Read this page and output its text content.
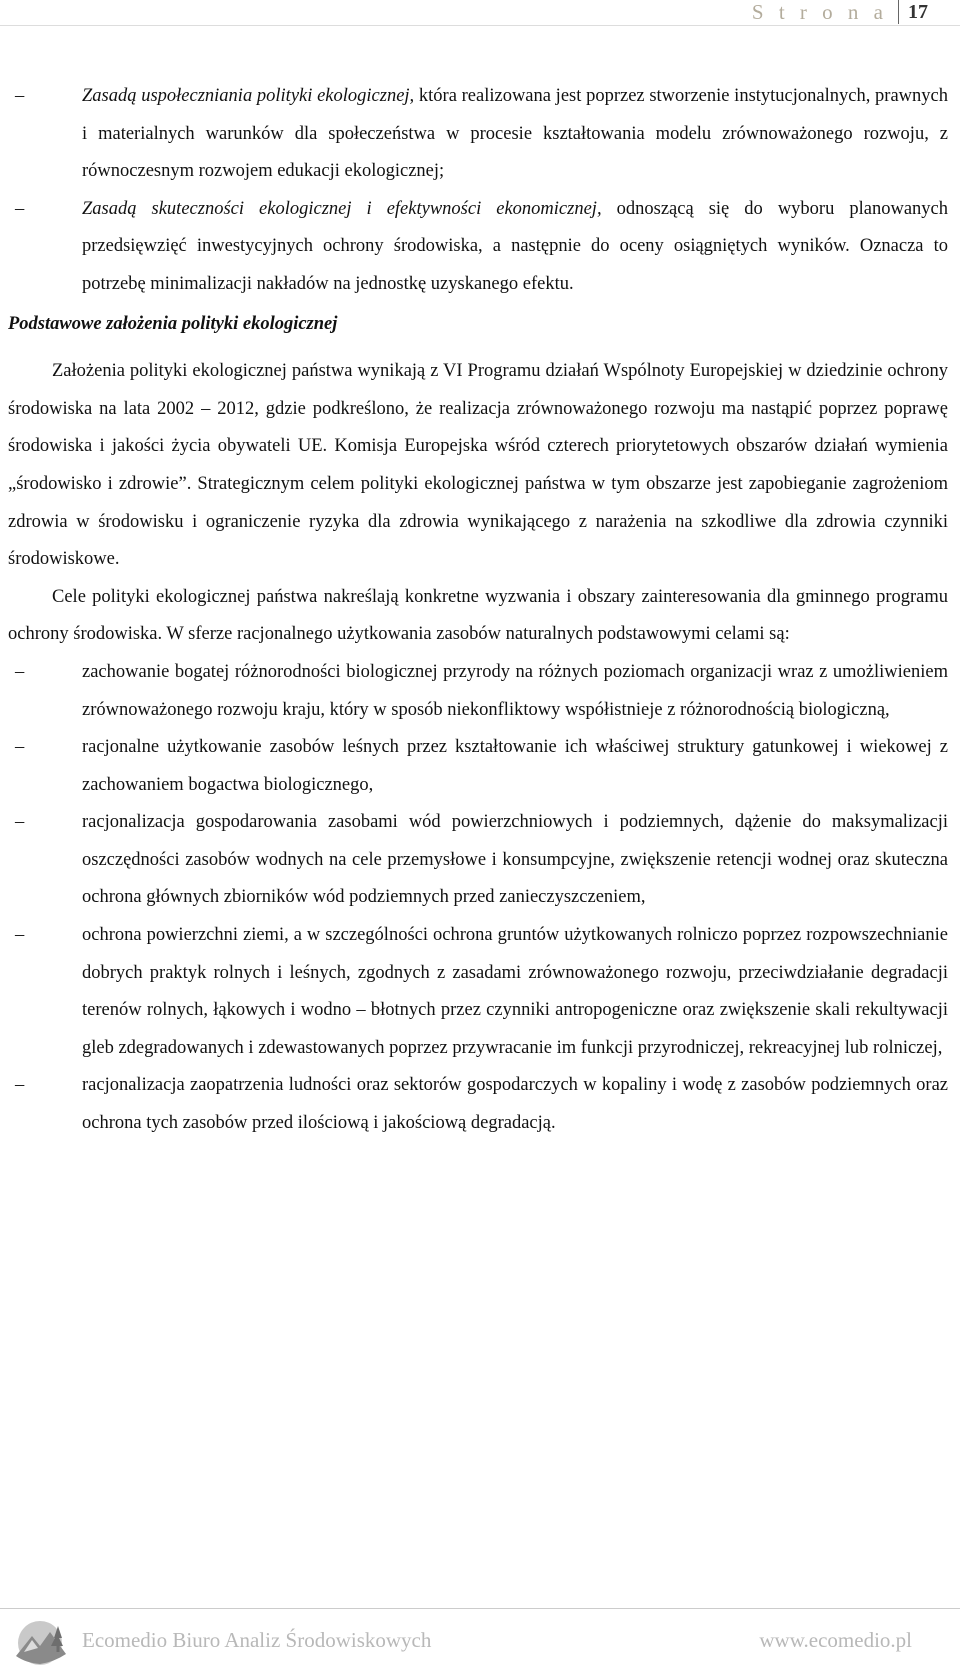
S t r o n a	17
–	Zasadą uspołeczniania polityki ekologicznej, która realizowana jest poprzez stworzenie instytucjonalnych, prawnych i materialnych warunków dla społeczeństwa w procesie kształtowania modelu zrównoważonego rozwoju, z równoczesnym rozwojem edukacji ekologicznej;
–	Zasadą skuteczności ekologicznej i efektywności ekonomicznej, odnoszącą się do wyboru planowanych przedsięwzięć inwestycyjnych ochrony środowiska, a następnie do oceny osiągniętych wyników. Oznacza to potrzebę minimalizacji nakładów na jednostkę uzyskanego efektu.
Podstawowe założenia polityki ekologicznej
Założenia polityki ekologicznej państwa wynikają z VI Programu działań Wspólnoty Europejskiej w dziedzinie ochrony środowiska na lata 2002 – 2012, gdzie podkreślono, że realizacja zrównoważonego rozwoju ma nastąpić poprzez poprawę środowiska i jakości życia obywateli UE. Komisja Europejska wśród czterech priorytetowych obszarów działań wymienia „środowisko i zdrowie”. Strategicznym celem polityki ekologicznej państwa w tym obszarze jest zapobieganie zagrożeniom zdrowia w środowisku i ograniczenie ryzyka dla zdrowia wynikającego z narażenia na szkodliwe dla zdrowia czynniki środowiskowe.
Cele polityki ekologicznej państwa nakreślają konkretne wyzwania i obszary zainteresowania dla gminnego programu ochrony środowiska. W sferze racjonalnego użytkowania zasobów naturalnych podstawowymi celami są:
–	zachowanie bogatej różnorodności biologicznej przyrody na różnych poziomach organizacji wraz z umożliwieniem zrównoważonego rozwoju kraju, który w sposób niekonfliktowy współistnieje z różnorodnością biologiczną,
–	racjonalne użytkowanie zasobów leśnych przez kształtowanie ich właściwej struktury gatunkowej i wiekowej z zachowaniem bogactwa biologicznego,
–	racjonalizacja gospodarowania zasobami wód powierzchniowych i podziemnych, dążenie do maksymalizacji oszczędności zasobów wodnych na cele przemysłowe i konsumpcyjne, zwiększenie retencji wodnej oraz skuteczna ochrona głównych zbiorników wód podziemnych przed zanieczyszczeniem,
–	ochrona powierzchni ziemi, a w szczególności ochrona gruntów użytkowanych rolniczo poprzez rozpowszechnianie dobrych praktyk rolnych i leśnych, zgodnych z zasadami zrównoważonego rozwoju, przeciwdziałanie degradacji terenów rolnych, łąkowych i wodno – błotnych przez czynniki antropogeniczne oraz zwiększenie skali rekultywacji gleb zdegradowanych i zdewastowanych poprzez przywracanie im funkcji przyrodniczej, rekreacyjnej lub rolniczej,
–	racjonalizacja zaopatrzenia ludności oraz sektorów gospodarczych w kopaliny i wodę z zasobów podziemnych oraz ochrona tych zasobów przed ilościową i jakościową degradacją.
Ecomedio Biuro Analiz Środowiskowych	www.ecomedio.pl
